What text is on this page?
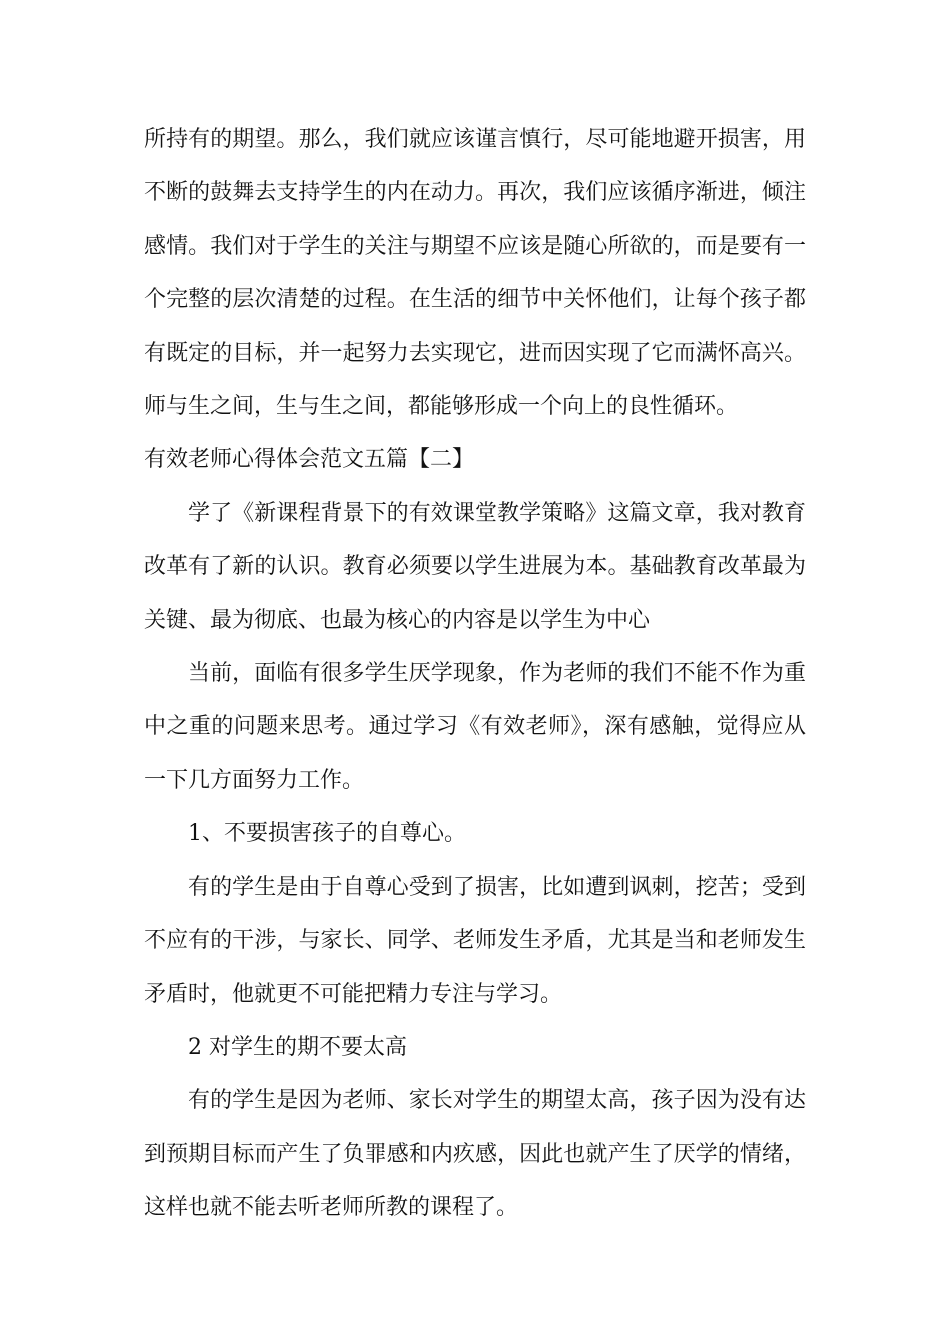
所持有的期望。那么，我们就应该谨言慎行，尽可能地避开损害，用不断的鼓舞去支持学生的内在动力。再次，我们应该循序渐进，倾注感情。我们对于学生的关注与期望不应该是随心所欲的，而是要有一个完整的层次清楚的过程。在生活的细节中关怀他们，让每个孩子都有既定的目标，并一起努力去实现它，进而因实现了它而满怀高兴。师与生之间，生与生之间，都能够形成一个向上的良性循环。

有效老师心得体会范文五篇【二】

学了《新课程背景下的有效课堂教学策略》这篇文章，我对教育改革有了新的认识。教育必须要以学生进展为本。基础教育改革最为关键、最为彻底、也最为核心的内容是以学生为中心

当前，面临有很多学生厌学现象，作为老师的我们不能不作为重中之重的问题来思考。通过学习《有效老师》，深有感触，觉得应从一下几方面努力工作。

1、不要损害孩子的自尊心。

有的学生是由于自尊心受到了损害，比如遭到讽刺，挖苦；受到不应有的干涉，与家长、同学、老师发生矛盾，尤其是当和老师发生矛盾时，他就更不可能把精力专注与学习。

2 对学生的期不要太高

有的学生是因为老师、家长对学生的期望太高，孩子因为没有达到预期目标而产生了负罪感和内疚感，因此也就产生了厌学的情绪，这样也就不能去听老师所教的课程了。
